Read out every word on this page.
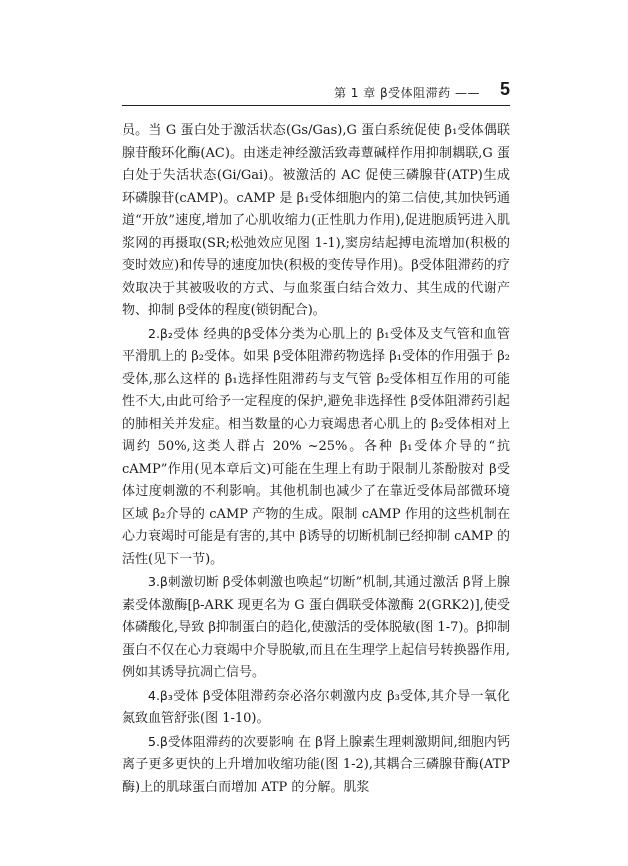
第 1 章 β受体阻滞药 —— 5

员。当 G 蛋白处于激活状态(Gs/Gas),G 蛋白系统促使 β₁受体偶联腺苷酸环化酶(AC)。由迷走神经激活致毒蕈碱样作用抑制耦联,G 蛋白处于失活状态(Gi/Gai)。被激活的 AC 促使三磷腺苷(ATP)生成环磷腺苷(cAMP)。cAMP 是 β₁受体细胞内的第二信使,其加快钙通道“开放”速度,增加了心肌收缩力(正性肌力作用),促进胞质钙进入肌浆网的再摄取(SR;松弛效应见图 1-1),窦房结起搏电流增加(积极的变时效应)和传导的速度加快(积极的变传导作用)。β受体阻滞药的疗效取决于其被吸收的方式、与血浆蛋白结合效力、其生成的代谢产物、抑制 β受体的程度(锁钥配合)。

2.β₂受体 经典的β受体分类为心肌上的 β₁受体及支气管和血管平滑肌上的 β₂受体。如果 β受体阻滞药物选择 β₁受体的作用强于 β₂受体,那么这样的 β₁选择性阻滞药与支气管 β₂受体相互作用的可能性不大,由此可给予一定程度的保护,避免非选择性 β受体阻滞药引起的肺相关并发症。相当数量的心力衰竭患者心肌上的 β₂受体相对上调约 50%,这类人群占 20% ~25%。各种 β₁受体介导的“抗 cAMP”作用(见本章后文)可能在生理上有助于限制儿茶酚胺对 β受体过度刺激的不利影响。其他机制也减少了在靠近受体局部微环境区域 β₂介导的 cAMP 产物的生成。限制 cAMP 作用的这些机制在心力衰竭时可能是有害的,其中 β诱导的切断机制已经抑制 cAMP 的活性(见下一节)。

3.β刺激切断 β受体刺激也唤起“切断”机制,其通过激活 β肾上腺素受体激酶[β-ARK 现更名为 G 蛋白偶联受体激酶 2(GRK2)],使受体磷酸化,导致 β抑制蛋白的趋化,使激活的受体脱敏(图 1-7)。β抑制蛋白不仅在心力衰竭中介导脱敏,而且在生理学上起信号转换器作用,例如其诱导抗凋亡信号。

4.β₃受体 β受体阻滞药奈必洛尔刺激内皮 β₃受体,其介导一氧化氮致血管舒张(图 1-10)。

5.β受体阻滞药的次要影响 在 β肾上腺素生理刺激期间,细胞内钙离子更多更快的上升增加收缩功能(图 1-2),其耦合三磷腺苷酶(ATP 酶)上的肌球蛋白而增加 ATP 的分解。肌浆
